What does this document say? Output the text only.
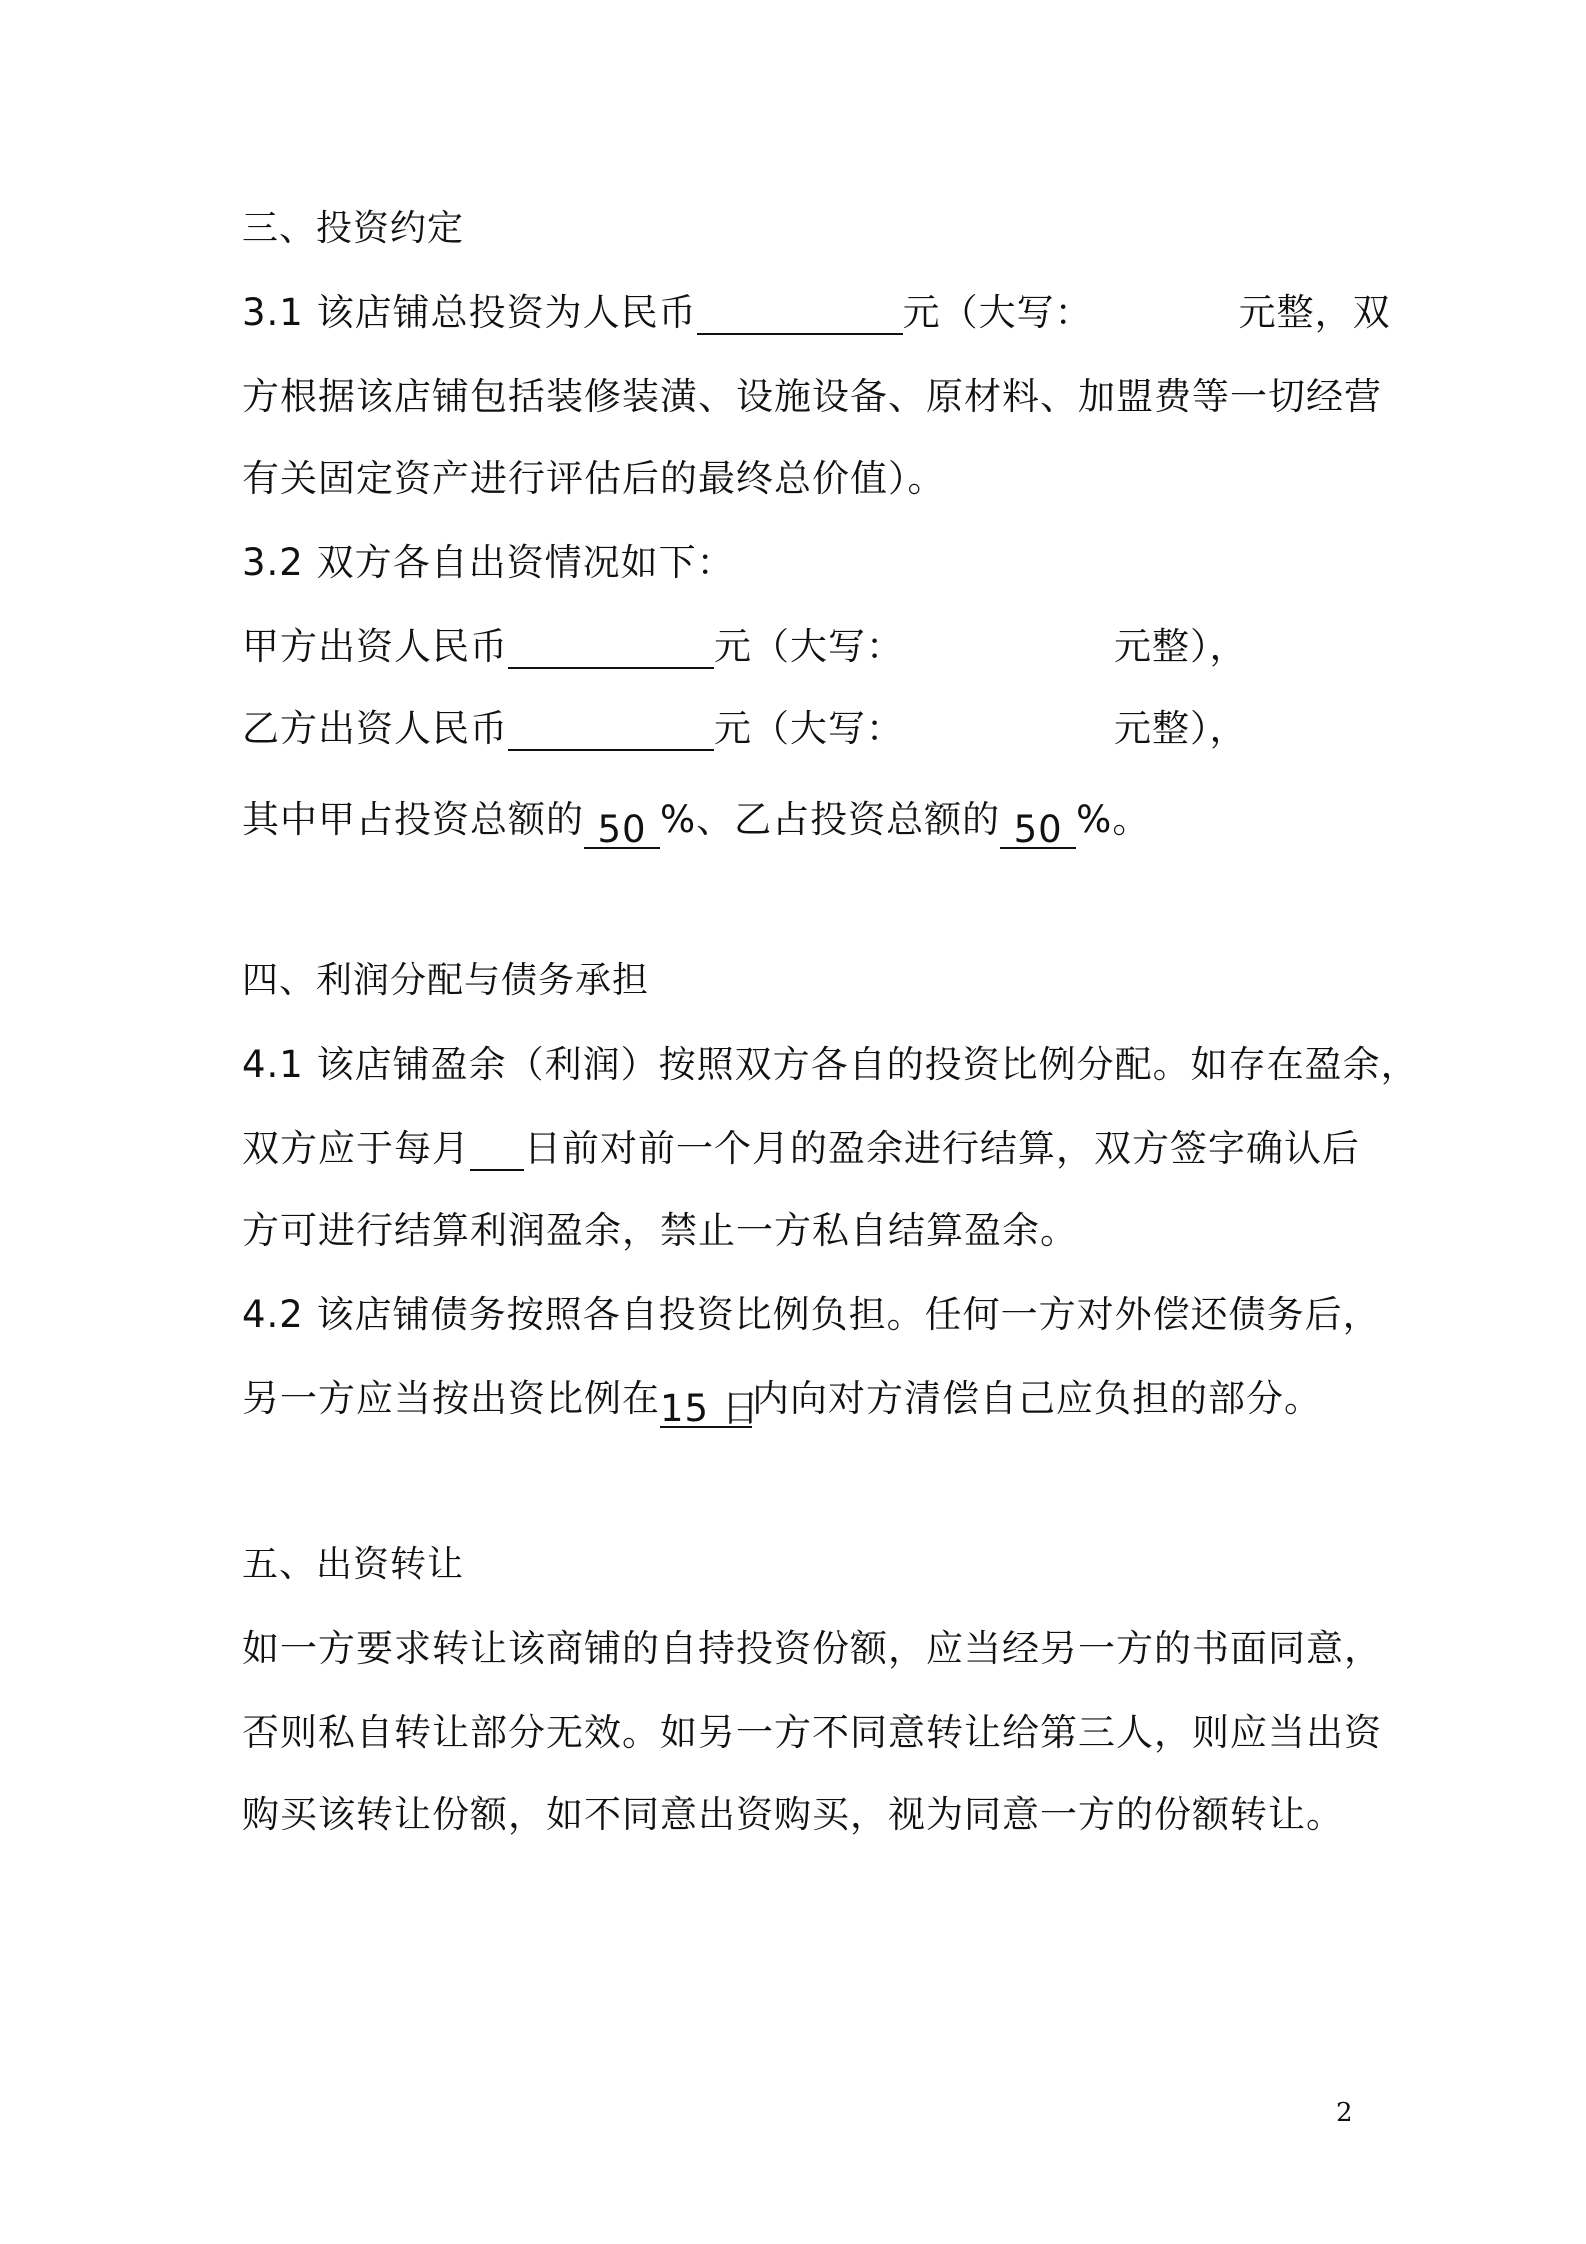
三、投资约定
3.1 该店铺总投资为人民币	元（大写：	元整，双
方根据该店铺包括装修装潢、设施设备、原材料、加盟费等一切经营
有关固定资产进行评估后的最终总价值）。
3.2 双方各自出资情况如下：
甲方出资人民币	元（大写：	元整），
乙方出资人民币	元（大写：	元整），
其中甲占投资总额的 50 %、乙占投资总额的 50 %。
四、利润分配与债务承担
4.1 该店铺盈余（利润）按照双方各自的投资比例分配。如存在盈余，
双方应于每月 日前对前一个月的盈余进行结算，双方签字确认后
方可进行结算利润盈余，禁止一方私自结算盈余。
4.2 该店铺债务按照各自投资比例负担。任何一方对外偿还债务后，
另一方应当按出资比例在15 日内向对方清偿自己应负担的部分。
五、出资转让
如一方要求转让该商铺的自持投资份额，应当经另一方的书面同意，
否则私自转让部分无效。如另一方不同意转让给第三人，则应当出资
购买该转让份额，如不同意出资购买，视为同意一方的份额转让。
2
